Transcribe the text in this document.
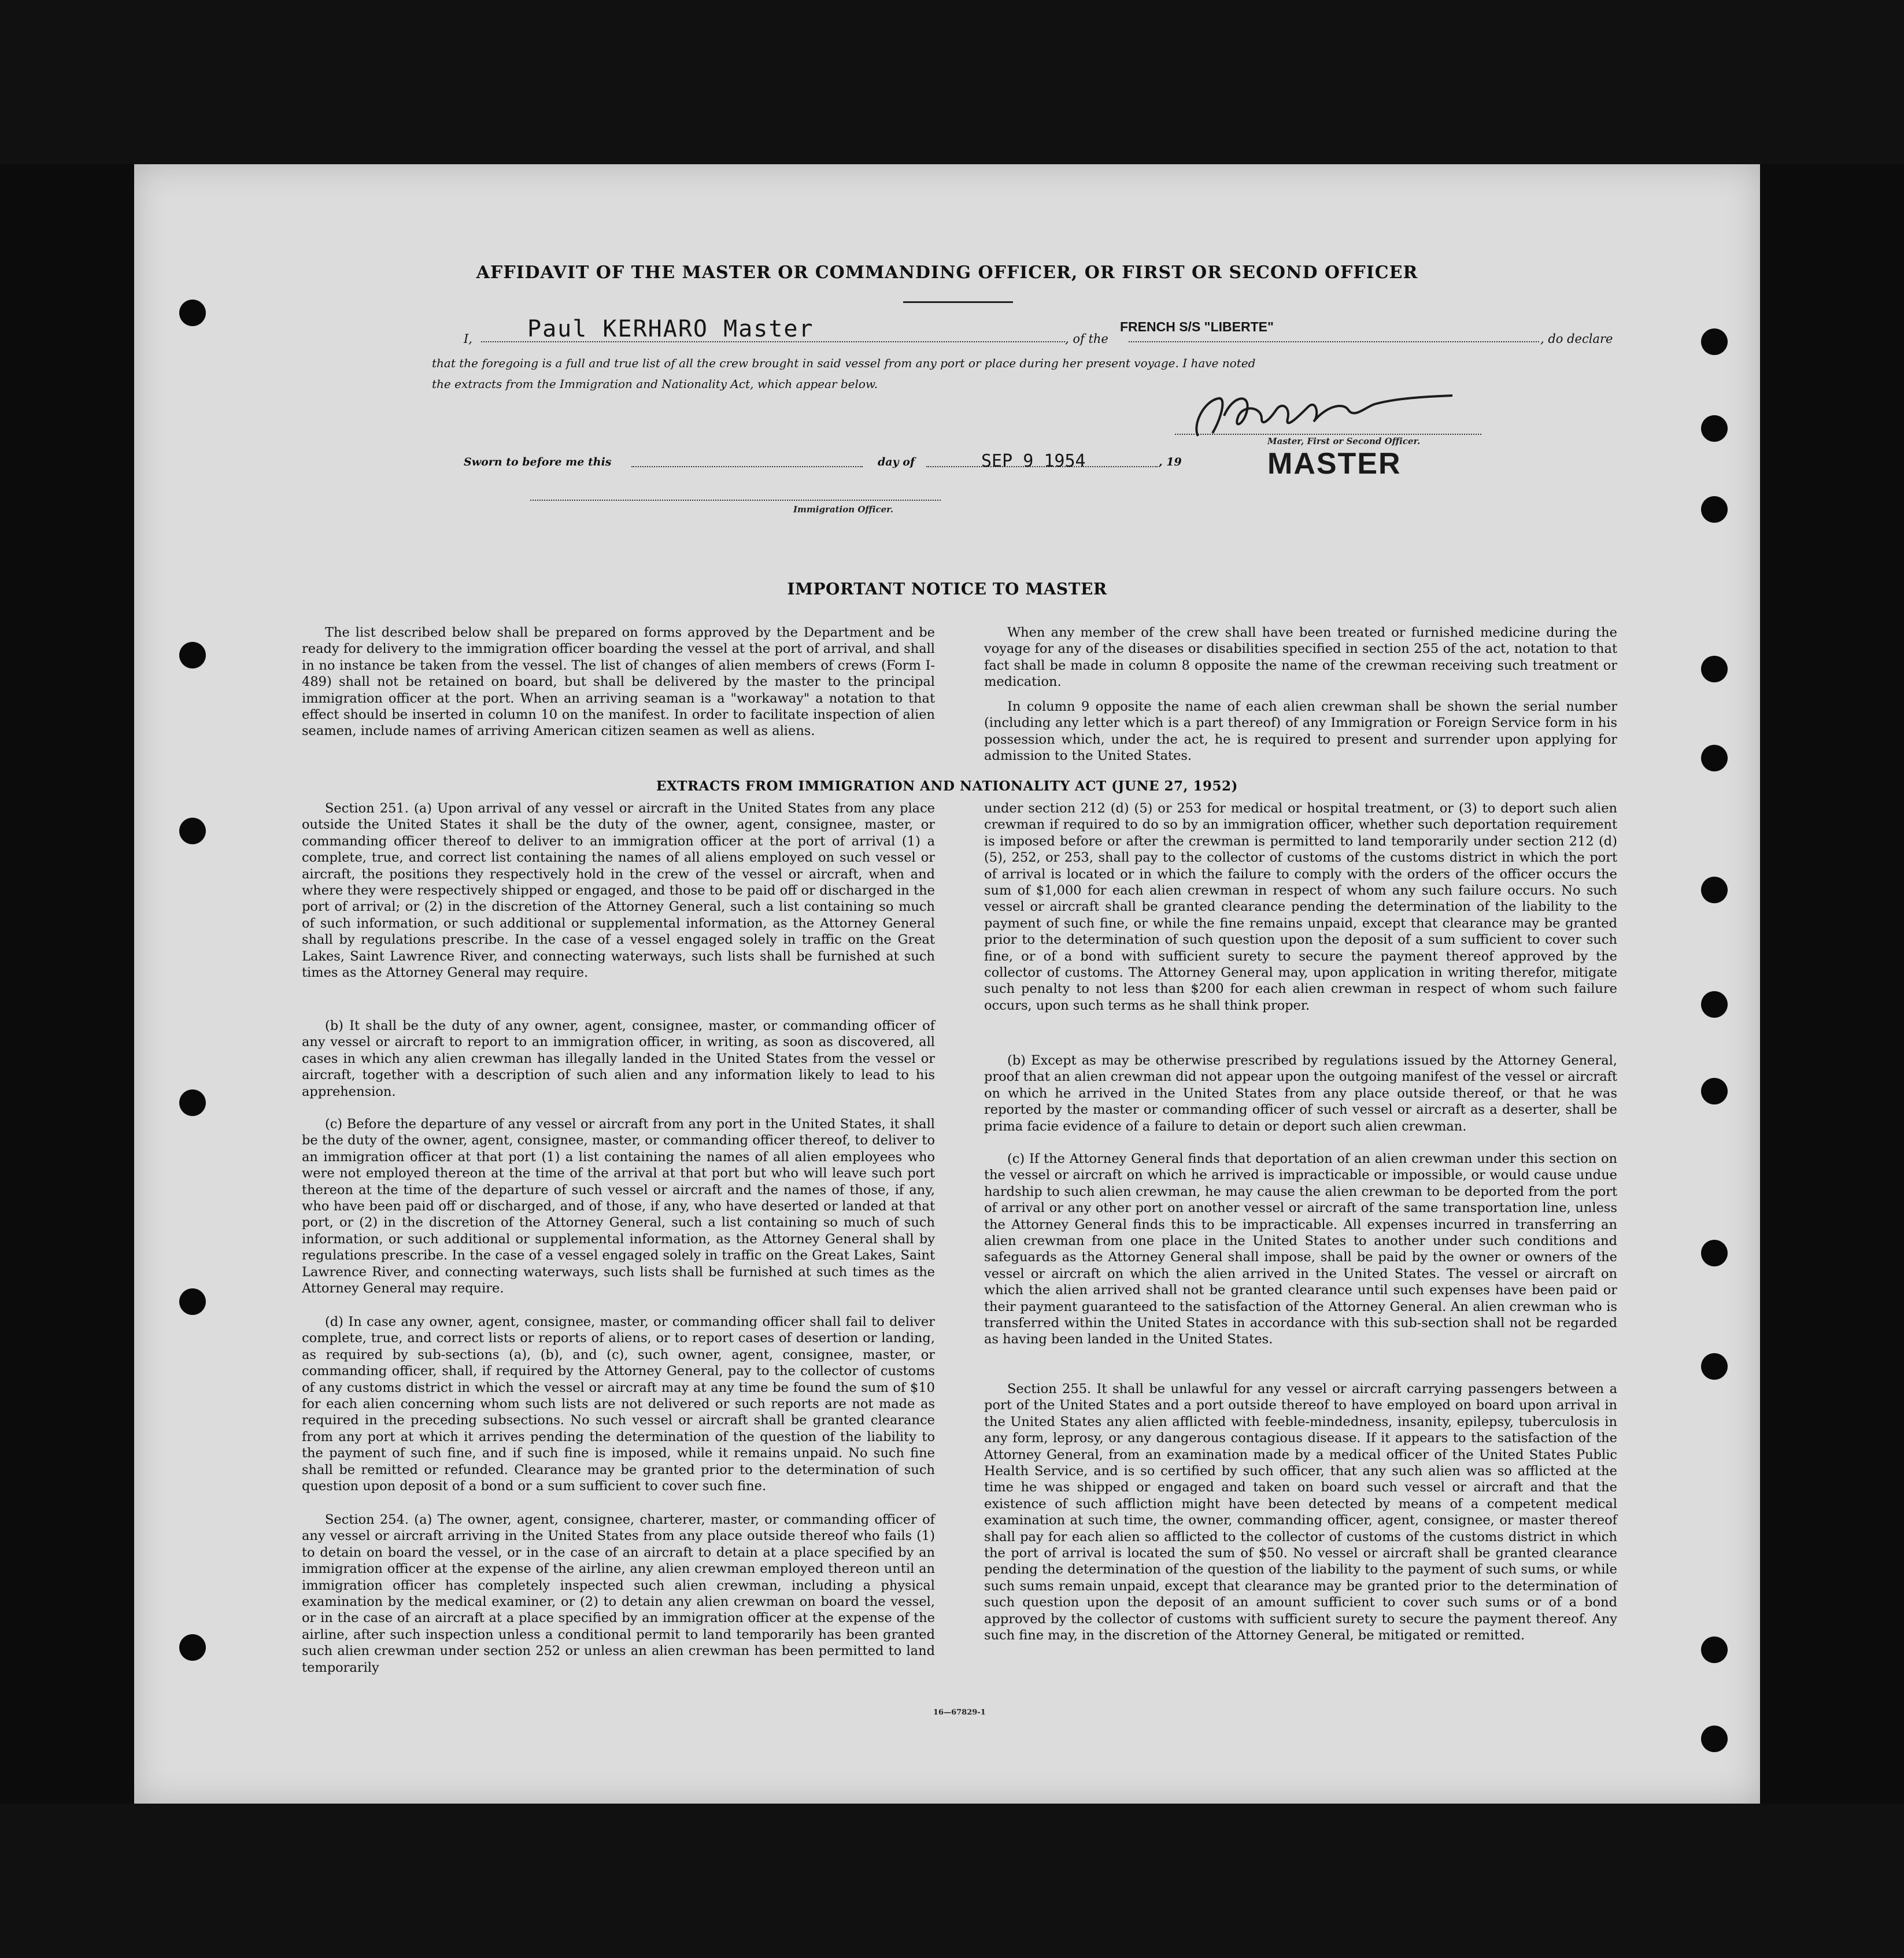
AFFIDAVIT OF THE MASTER OR COMMANDING OFFICER, OR FIRST OR SECOND OFFICER
I, Paul KERHARO Master	, of the
FRENCH S/S "LIBERTE"
, do declare
that the foregoing is a full and true list of all the crew brought in said vessel from any port or place during her present voyage. I have noted
the extracts from the Immigration and Nationality Act, which appear below.
Master, First or Second Officer.
MASTER
Sworn to before me this	day of	SEP 9 1954	, 19
Immigration Officer.
IMPORTANT NOTICE TO MASTER

The list described below shall be prepared on forms approved by the Department and be ready for delivery to the immigration officer boarding the vessel at the port of arrival, and shall in no instance be taken from the vessel. The list of changes of alien members of crews (Form I-489) shall not be retained on board, but shall be delivered by the master to the principal immigration officer at the port. When an arriving seaman is a "workaway" a notation to that effect should be inserted in column 10 on the manifest. In order to facilitate inspection of alien seamen, include names of arriving American citizen seamen as well as aliens.

When any member of the crew shall have been treated or furnished medicine during the voyage for any of the diseases or disabilities specified in section 255 of the act, notation to that fact shall be made in column 8 opposite the name of the crewman receiving such treatment or medication.

In column 9 opposite the name of each alien crewman shall be shown the serial number (including any letter which is a part thereof) of any Immigration or Foreign Service form in his possession which, under the act, he is required to present and surrender upon applying for admission to the United States.

EXTRACTS FROM IMMIGRATION AND NATIONALITY ACT (JUNE 27, 1952)

Section 251. (a) Upon arrival of any vessel or aircraft in the United States from any place outside the United States it shall be the duty of the owner, agent, consignee, master, or commanding officer thereof to deliver to an immigration officer at the port of arrival (1) a complete, true, and correct list containing the names of all aliens employed on such vessel or aircraft, the positions they respectively hold in the crew of the vessel or aircraft, when and where they were respectively shipped or engaged, and those to be paid off or discharged in the port of arrival; or (2) in the discretion of the Attorney General, such a list containing so much of such information, or such additional or supplemental information, as the Attorney General shall by regulations prescribe. In the case of a vessel engaged solely in traffic on the Great Lakes, Saint Lawrence River, and connecting waterways, such lists shall be furnished at such times as the Attorney General may require.

(b) It shall be the duty of any owner, agent, consignee, master, or commanding officer of any vessel or aircraft to report to an immigration officer, in writing, as soon as discovered, all cases in which any alien crewman has illegally landed in the United States from the vessel or aircraft, together with a description of such alien and any information likely to lead to his apprehension.

(c) Before the departure of any vessel or aircraft from any port in the United States, it shall be the duty of the owner, agent, consignee, master, or commanding officer thereof, to deliver to an immigration officer at that port (1) a list containing the names of all alien employees who were not employed thereon at the time of the arrival at that port but who will leave such port thereon at the time of the departure of such vessel or aircraft and the names of those, if any, who have been paid off or discharged, and of those, if any, who have deserted or landed at that port, or (2) in the discretion of the Attorney General, such a list containing so much of such information, or such additional or supplemental information, as the Attorney General shall by regulations prescribe. In the case of a vessel engaged solely in traffic on the Great Lakes, Saint Lawrence River, and connecting waterways, such lists shall be furnished at such times as the Attorney General may require.

(d) In case any owner, agent, consignee, master, or commanding officer shall fail to deliver complete, true, and correct lists or reports of aliens, or to report cases of desertion or landing, as required by sub-sections (a), (b), and (c), such owner, agent, consignee, master, or commanding officer, shall, if required by the Attorney General, pay to the collector of customs of any customs district in which the vessel or aircraft may at any time be found the sum of $10 for each alien concerning whom such lists are not delivered or such reports are not made as required in the preceding subsections. No such vessel or aircraft shall be granted clearance from any port at which it arrives pending the determination of the question of the liability to the payment of such fine, and if such fine is imposed, while it remains unpaid. No such fine shall be remitted or refunded. Clearance may be granted prior to the determination of such question upon deposit of a bond or a sum sufficient to cover such fine.

Section 254. (a) The owner, agent, consignee, charterer, master, or commanding officer of any vessel or aircraft arriving in the United States from any place outside thereof who fails (1) to detain on board the vessel, or in the case of an aircraft to detain at a place specified by an immigration officer at the expense of the airline, any alien crewman employed thereon until an immigration officer has completely inspected such alien crewman, including a physical examination by the medical examiner, or (2) to detain any alien crewman on board the vessel, or in the case of an aircraft at a place specified by an immigration officer at the expense of the airline, after such inspection unless a conditional permit to land temporarily has been granted such alien crewman under section 252 or unless an alien crewman has been permitted to land temporarily

under section 212 (d) (5) or 253 for medical or hospital treatment, or (3) to deport such alien crewman if required to do so by an immigration officer, whether such deportation requirement is imposed before or after the crewman is permitted to land temporarily under section 212 (d) (5), 252, or 253, shall pay to the collector of customs of the customs district in which the port of arrival is located or in which the failure to comply with the orders of the officer occurs the sum of $1,000 for each alien crewman in respect of whom any such failure occurs. No such vessel or aircraft shall be granted clearance pending the determination of the liability to the payment of such fine, or while the fine remains unpaid, except that clearance may be granted prior to the determination of such question upon the deposit of a sum sufficient to cover such fine, or of a bond with sufficient surety to secure the payment thereof approved by the collector of customs. The Attorney General may, upon application in writing therefor, mitigate such penalty to not less than $200 for each alien crewman in respect of whom such failure occurs, upon such terms as he shall think proper.

(b) Except as may be otherwise prescribed by regulations issued by the Attorney General, proof that an alien crewman did not appear upon the outgoing manifest of the vessel or aircraft on which he arrived in the United States from any place outside thereof, or that he was reported by the master or commanding officer of such vessel or aircraft as a deserter, shall be prima facie evidence of a failure to detain or deport such alien crewman.

(c) If the Attorney General finds that deportation of an alien crewman under this section on the vessel or aircraft on which he arrived is impracticable or impossible, or would cause undue hardship to such alien crewman, he may cause the alien crewman to be deported from the port of arrival or any other port on another vessel or aircraft of the same transportation line, unless the Attorney General finds this to be impracticable. All expenses incurred in transferring an alien crewman from one place in the United States to another under such conditions and safeguards as the Attorney General shall impose, shall be paid by the owner or owners of the vessel or aircraft on which the alien arrived in the United States. The vessel or aircraft on which the alien arrived shall not be granted clearance until such expenses have been paid or their payment guaranteed to the satisfaction of the Attorney General. An alien crewman who is transferred within the United States in accordance with this sub-section shall not be regarded as having been landed in the United States.

Section 255. It shall be unlawful for any vessel or aircraft carrying passengers between a port of the United States and a port outside thereof to have employed on board upon arrival in the United States any alien afflicted with feeble-mindedness, insanity, epilepsy, tuberculosis in any form, leprosy, or any dangerous contagious disease. If it appears to the satisfaction of the Attorney General, from an examination made by a medical officer of the United States Public Health Service, and is so certified by such officer, that any such alien was so afflicted at the time he was shipped or engaged and taken on board such vessel or aircraft and that the existence of such affliction might have been detected by means of a competent medical examination at such time, the owner, commanding officer, agent, consignee, or master thereof shall pay for each alien so afflicted to the collector of customs of the customs district in which the port of arrival is located the sum of $50. No vessel or aircraft shall be granted clearance pending the determination of the question of the liability to the payment of such sums, or while such sums remain unpaid, except that clearance may be granted prior to the determination of such question upon the deposit of an amount sufficient to cover such sums or of a bond approved by the collector of customs with sufficient surety to secure the payment thereof. Any such fine may, in the discretion of the Attorney General, be mitigated or remitted.

16—67829-1
